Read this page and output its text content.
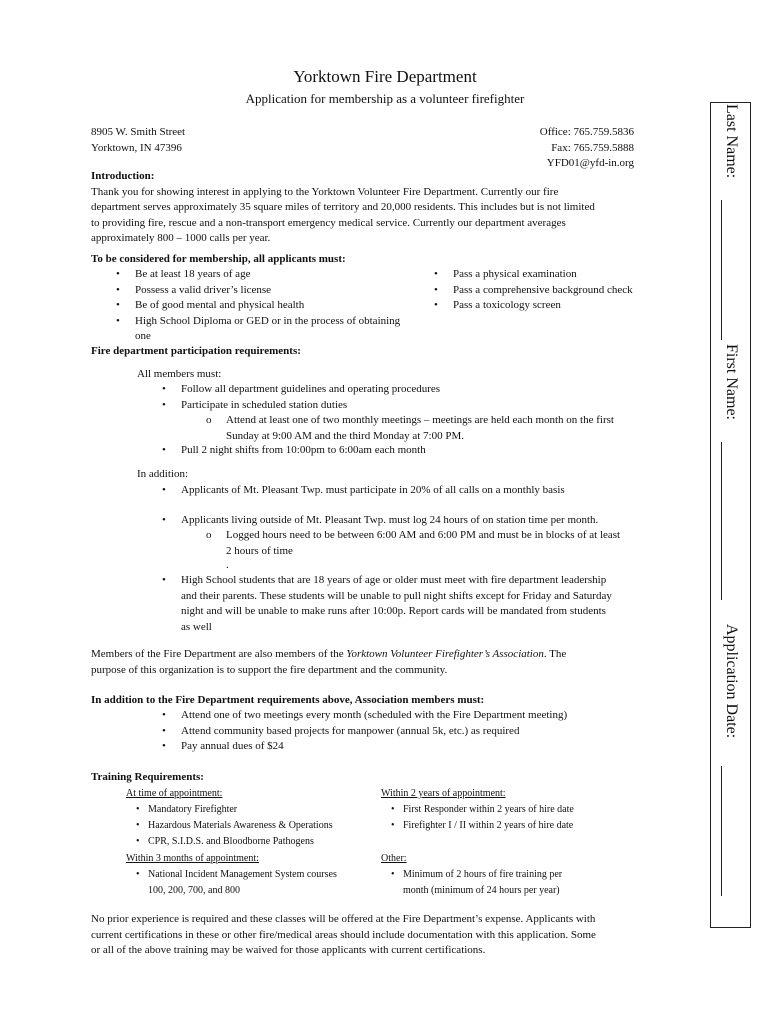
Yorktown Fire Department
Application for membership as a volunteer firefighter
8905 W. Smith Street
Yorktown, IN 47396
Office: 765.759.5836
Fax: 765.759.5888
YFD01@yfd-in.org
Introduction:
Thank you for showing interest in applying to the Yorktown Volunteer Fire Department. Currently our fire
department serves approximately 35 square miles of territory and 20,000 residents. This includes but is not limited
to providing fire, rescue and a non-transport emergency medical service. Currently our department averages
approximately 800 – 1000 calls per year.
To be considered for membership, all applicants must:
• Be at least 18 years of age
• Possess a valid driver’s license
• Be of good mental and physical health
• High School Diploma or GED or in the process of obtaining one
• Pass a physical examination
• Pass a comprehensive background check
• Pass a toxicology screen
Fire department participation requirements:
All members must:
• Follow all department guidelines and operating procedures
• Participate in scheduled station duties
o Attend at least one of two monthly meetings – meetings are held each month on the first
Sunday at 9:00 AM and the third Monday at 7:00 PM.
• Pull 2 night shifts from 10:00pm to 6:00am each month
In addition:
• Applicants of Mt. Pleasant Twp. must participate in 20% of all calls on a monthly basis
• Applicants living outside of Mt. Pleasant Twp. must log 24 hours of on station time per month.
o Logged hours need to be between 6:00 AM and 6:00 PM and must be in blocks of at least
2 hours of time
.
• High School students that are 18 years of age or older must meet with fire department leadership
and their parents. These students will be unable to pull night shifts except for Friday and Saturday
night and will be unable to make runs after 10:00p. Report cards will be mandated from students
as well
Members of the Fire Department are also members of the Yorktown Volunteer Firefighter’s Association. The
purpose of this organization is to support the fire department and the community.
In addition to the Fire Department requirements above, Association members must:
• Attend one of two meetings every month (scheduled with the Fire Department meeting)
• Attend community based projects for manpower (annual 5k, etc.) as required
• Pay annual dues of $24
Training Requirements:
At time of appointment:
• Mandatory Firefighter
• Hazardous Materials Awareness & Operations
• CPR, S.I.D.S. and Bloodborne Pathogens
Within 2 years of appointment:
• First Responder within 2 years of hire date
• Firefighter I / II within 2 years of hire date
Within 3 months of appointment:
• National Incident Management System courses
100, 200, 700, and 800
Other:
• Minimum of 2 hours of fire training per
month (minimum of 24 hours per year)
No prior experience is required and these classes will be offered at the Fire Department’s expense. Applicants with
current certifications in these or other fire/medical areas should include documentation with this application. Some
or all of the above training may be waived for those applicants with current certifications.
Last Name:
First Name:
Application Date:
